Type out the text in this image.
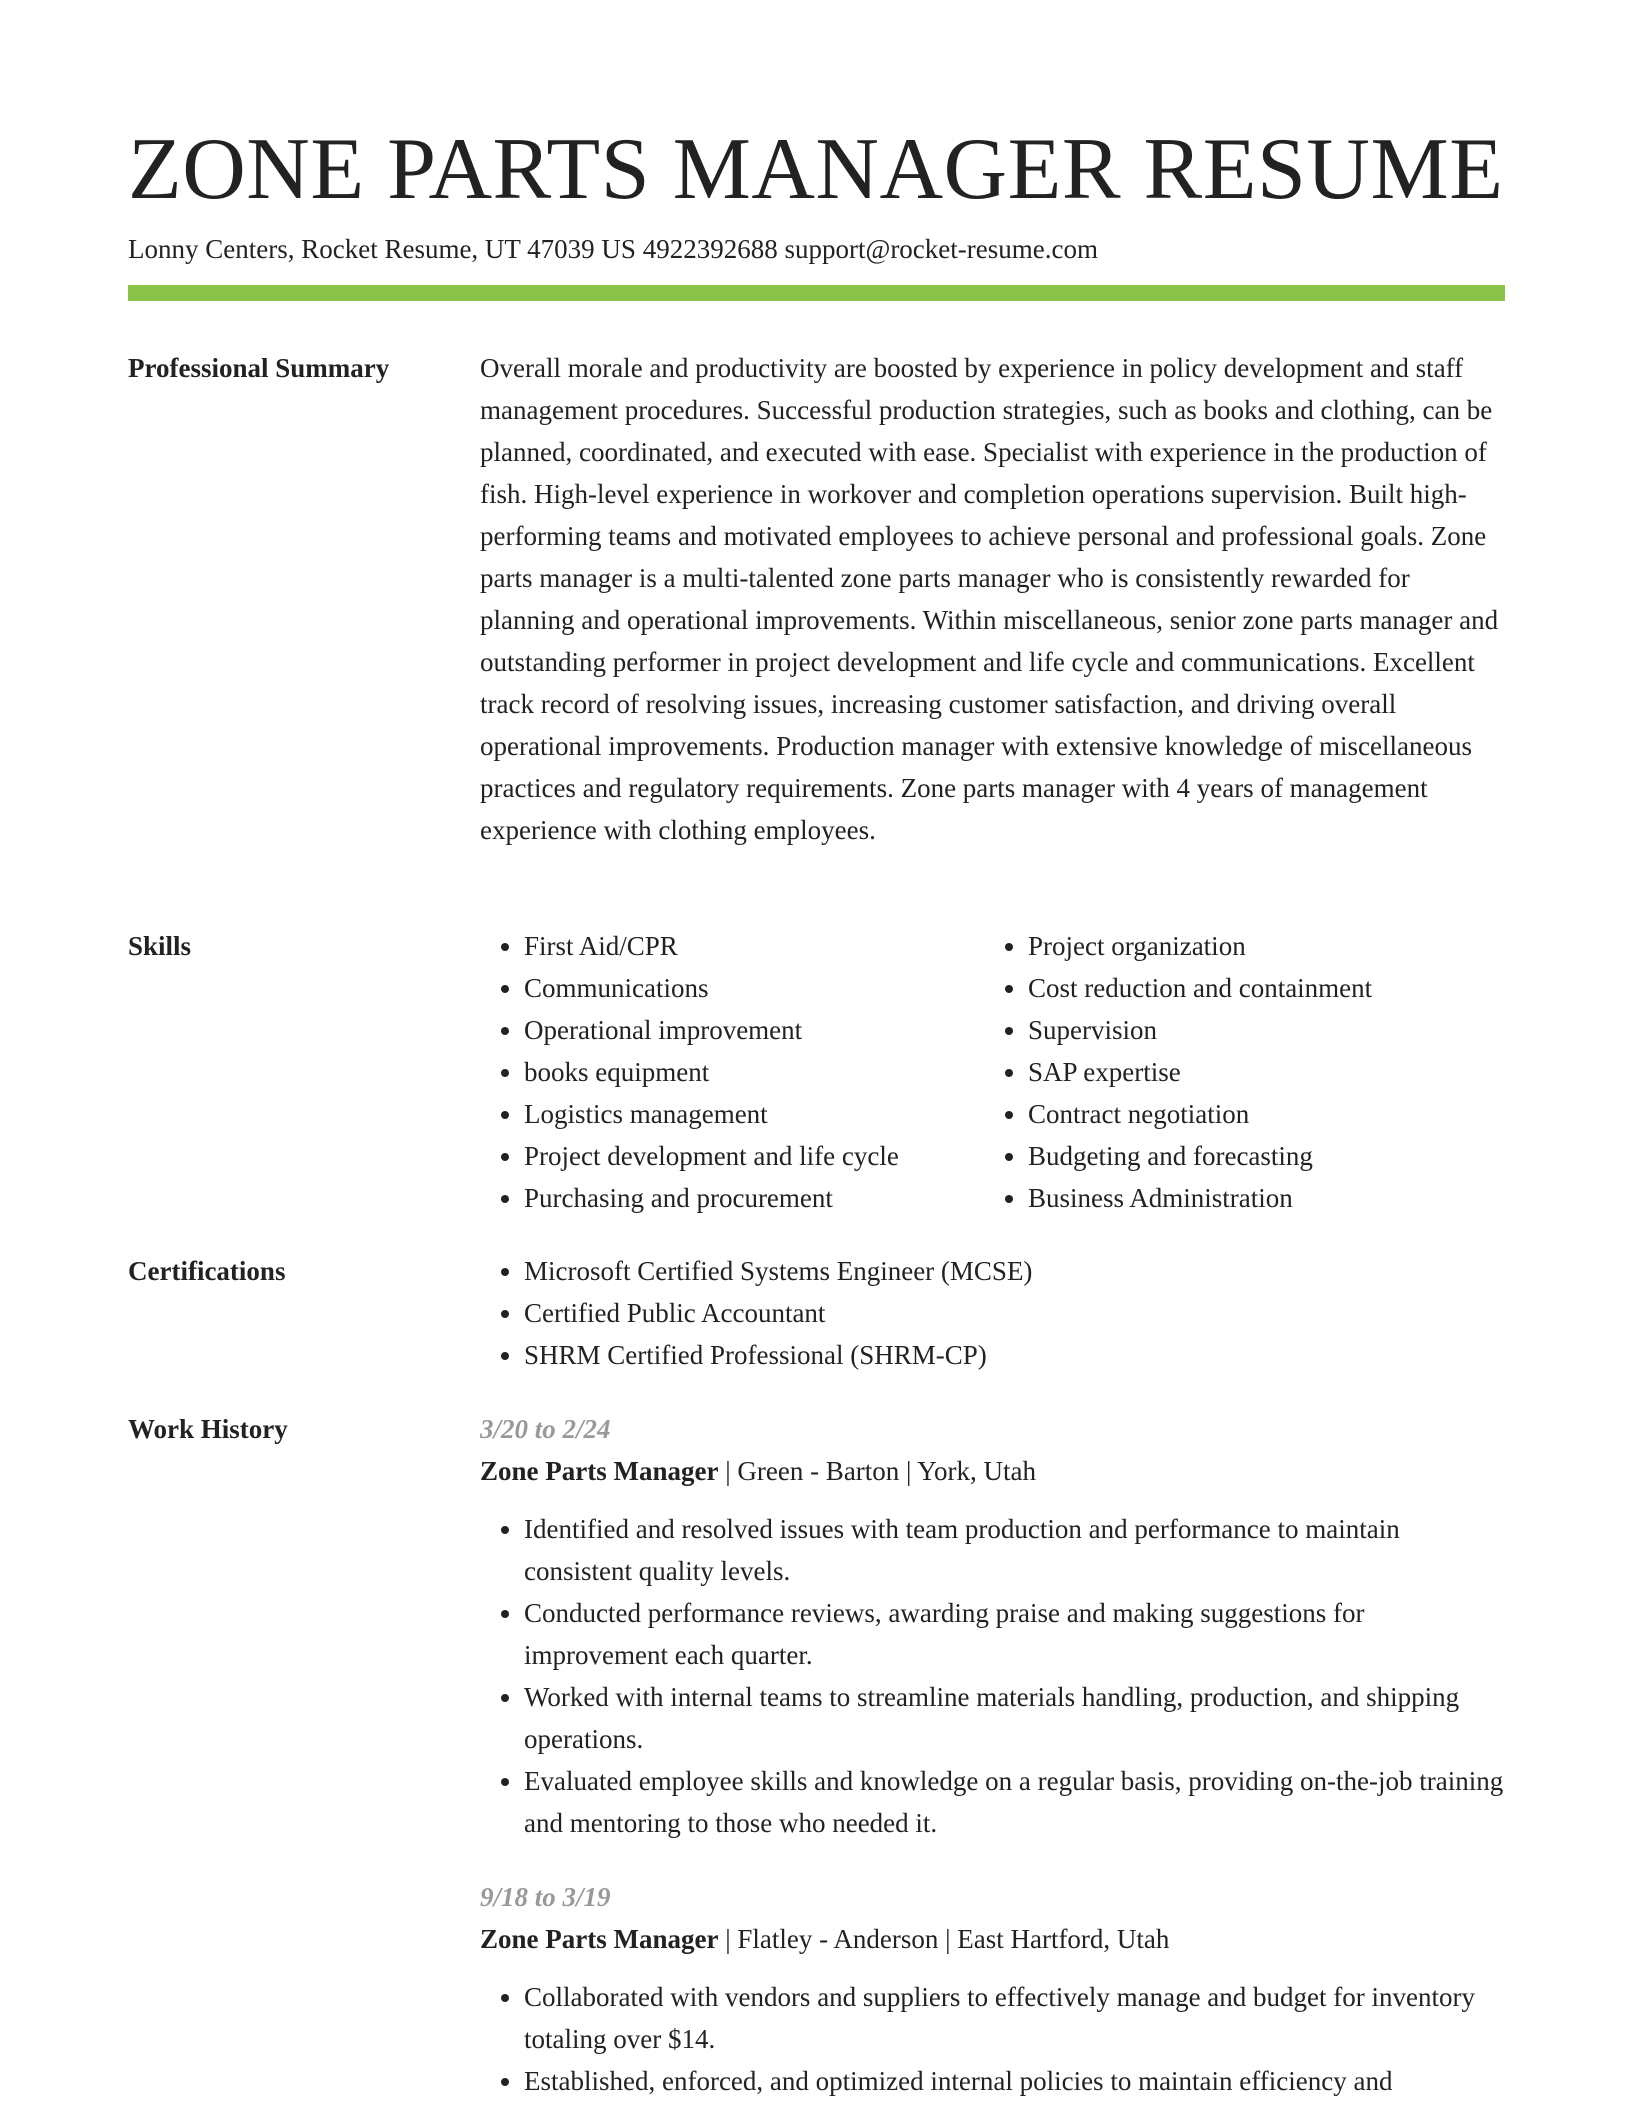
ZONE PARTS MANAGER RESUME
Lonny Centers, Rocket Resume, UT 47039 US 4922392688 support@rocket-resume.com
Professional Summary	Overall morale and productivity are boosted by experience in policy development and staff management procedures. Successful production strategies, such as books and clothing, can be planned, coordinated, and executed with ease. Specialist with experience in the production of fish. High-level experience in workover and completion operations supervision. Built high-performing teams and motivated employees to achieve personal and professional goals. Zone parts manager is a multi-talented zone parts manager who is consistently rewarded for planning and operational improvements. Within miscellaneous, senior zone parts manager and outstanding performer in project development and life cycle and communications. Excellent track record of resolving issues, increasing customer satisfaction, and driving overall operational improvements. Production manager with extensive knowledge of miscellaneous practices and regulatory requirements. Zone parts manager with 4 years of management experience with clothing employees.

Skills	• First Aid/CPR
• Communications
• Operational improvement
• books equipment
• Logistics management
• Project development and life cycle
• Purchasing and procurement
• Project organization
• Cost reduction and containment
• Supervision
• SAP expertise
• Contract negotiation
• Budgeting and forecasting
• Business Administration
Certifications	• Microsoft Certified Systems Engineer (MCSE)
• Certified Public Accountant
• SHRM Certified Professional (SHRM-CP)
Work History	3/20 to 2/24
Zone Parts Manager | Green - Barton | York, Utah
• Identified and resolved issues with team production and performance to maintain consistent quality levels.
• Conducted performance reviews, awarding praise and making suggestions for improvement each quarter.
• Worked with internal teams to streamline materials handling, production, and shipping operations.
• Evaluated employee skills and knowledge on a regular basis, providing on-the-job training and mentoring to those who needed it.
9/18 to 3/19
Zone Parts Manager | Flatley - Anderson | East Hartford, Utah
• Collaborated with vendors and suppliers to effectively manage and budget for inventory totaling over $14.
• Established, enforced, and optimized internal policies to maintain efficiency and
